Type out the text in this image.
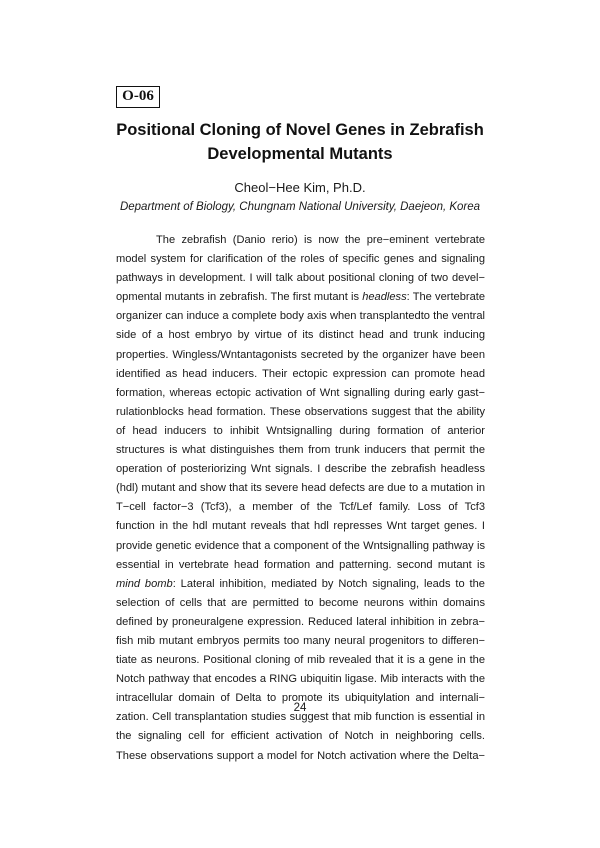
O-06
Positional Cloning of Novel Genes in Zebrafish
Developmental Mutants
Cheol−Hee Kim, Ph.D.
Department of Biology, Chungnam National University, Daejeon, Korea
The zebrafish (Danio rerio) is now the pre−eminent vertebrate
model system for clarification of the roles of specific genes and signaling
pathways in development. I will talk about positional cloning of two devel−
opmental mutants in zebrafish. The first mutant is headless: The vertebrate
organizer can induce a complete body axis when transplantedto the ventral
side of a host embryo by virtue of its distinct head and trunk inducing
properties. Wingless/Wntantagonists secreted by the organizer have been
identified as head inducers. Their ectopic expression can promote head
formation, whereas ectopic activation of Wnt signalling during early gast−
rulationblocks head formation. These observations suggest that the ability
of head inducers to inhibit Wntsignalling during formation of anterior
structures is what distinguishes them from trunk inducers that permit the
operation of posteriorizing Wnt signals. I describe the zebrafish headless
(hdl) mutant and show that its severe head defects are due to a mutation in
T−cell factor−3 (Tcf3), a member of the Tcf/Lef family. Loss of Tcf3
function in the hdl mutant reveals that hdl represses Wnt target genes. I
provide genetic evidence that a component of the Wntsignalling pathway is
essential in vertebrate head formation and patterning. second mutant is
mind bomb: Lateral inhibition, mediated by Notch signaling, leads to the
selection of cells that are permitted to become neurons within domains
defined by proneuralgene expression. Reduced lateral inhibition in zebra−
fish mib mutant embryos permits too many neural progenitors to differen−
tiate as neurons. Positional cloning of mib revealed that it is a gene in the
Notch pathway that encodes a RING ubiquitin ligase. Mib interacts with the
intracellular domain of Delta to promote its ubiquitylation and internali−
zation. Cell transplantation studies suggest that mib function is essential in
the signaling cell for efficient activation of Notch in neighboring cells.
These observations support a model for Notch activation where the Delta−
24
